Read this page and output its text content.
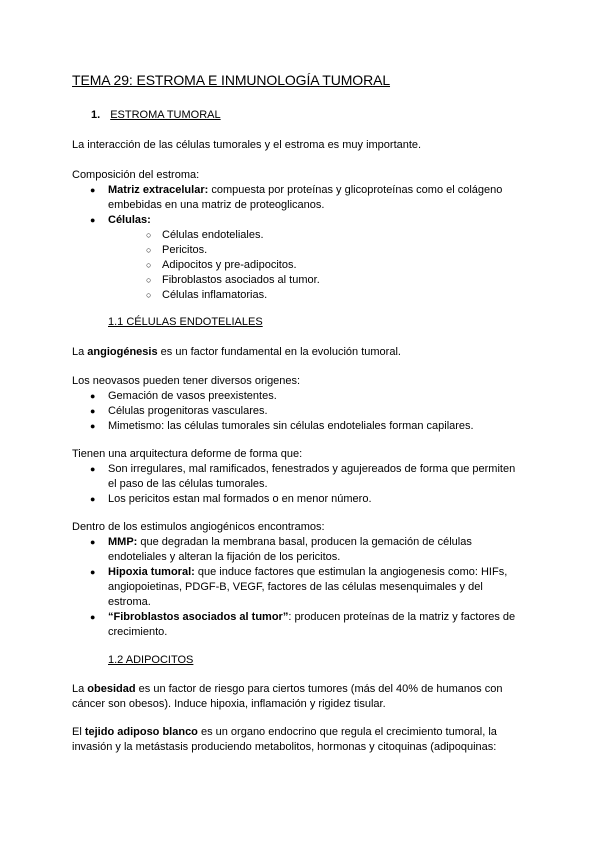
TEMA 29: ESTROMA E INMUNOLOGÍA TUMORAL
1. ESTROMA TUMORAL
La interacción de las células tumorales y el estroma es muy importante.
Composición del estroma:
● Matriz extracelular: compuesta por proteínas y glicoproteínas como el colágeno embebidas en una matriz de proteoglicanos.
● Células:
○ Células endoteliales.
○ Pericitos.
○ Adipocitos y pre-adipocitos.
○ Fibroblastos asociados al tumor.
○ Células inflamatorias.
1.1 CÉLULAS ENDOTELIALES
La angiogénesis es un factor fundamental en la evolución tumoral.
Los neovasos pueden tener diversos origenes:
● Gemación de vasos preexistentes.
● Células progenitoras vasculares.
● Mimetismo: las células tumorales sin células endoteliales forman capilares.
Tienen una arquitectura deforme de forma que:
● Son irregulares, mal ramificados, fenestrados y agujereados de forma que permiten el paso de las células tumorales.
● Los pericitos estan mal formados o en menor número.
Dentro de los estimulos angiogénicos encontramos:
● MMP: que degradan la membrana basal, producen la gemación de células endoteliales y alteran la fijación de los pericitos.
● Hipoxia tumoral: que induce factores que estimulan la angiogenesis como: HIFs, angiopoietinas, PDGF-B, VEGF, factores de las células mesenquimales y del estroma.
● “Fibroblastos asociados al tumor”: producen proteínas de la matriz y factores de crecimiento.
1.2 ADIPOCITOS
La obesidad es un factor de riesgo para ciertos tumores (más del 40% de humanos con cáncer son obesos). Induce hipoxia, inflamación y rigidez tisular.
El tejido adiposo blanco es un organo endocrino que regula el crecimiento tumoral, la invasión y la metástasis produciendo metabolitos, hormonas y citoquinas (adipoquinas:
